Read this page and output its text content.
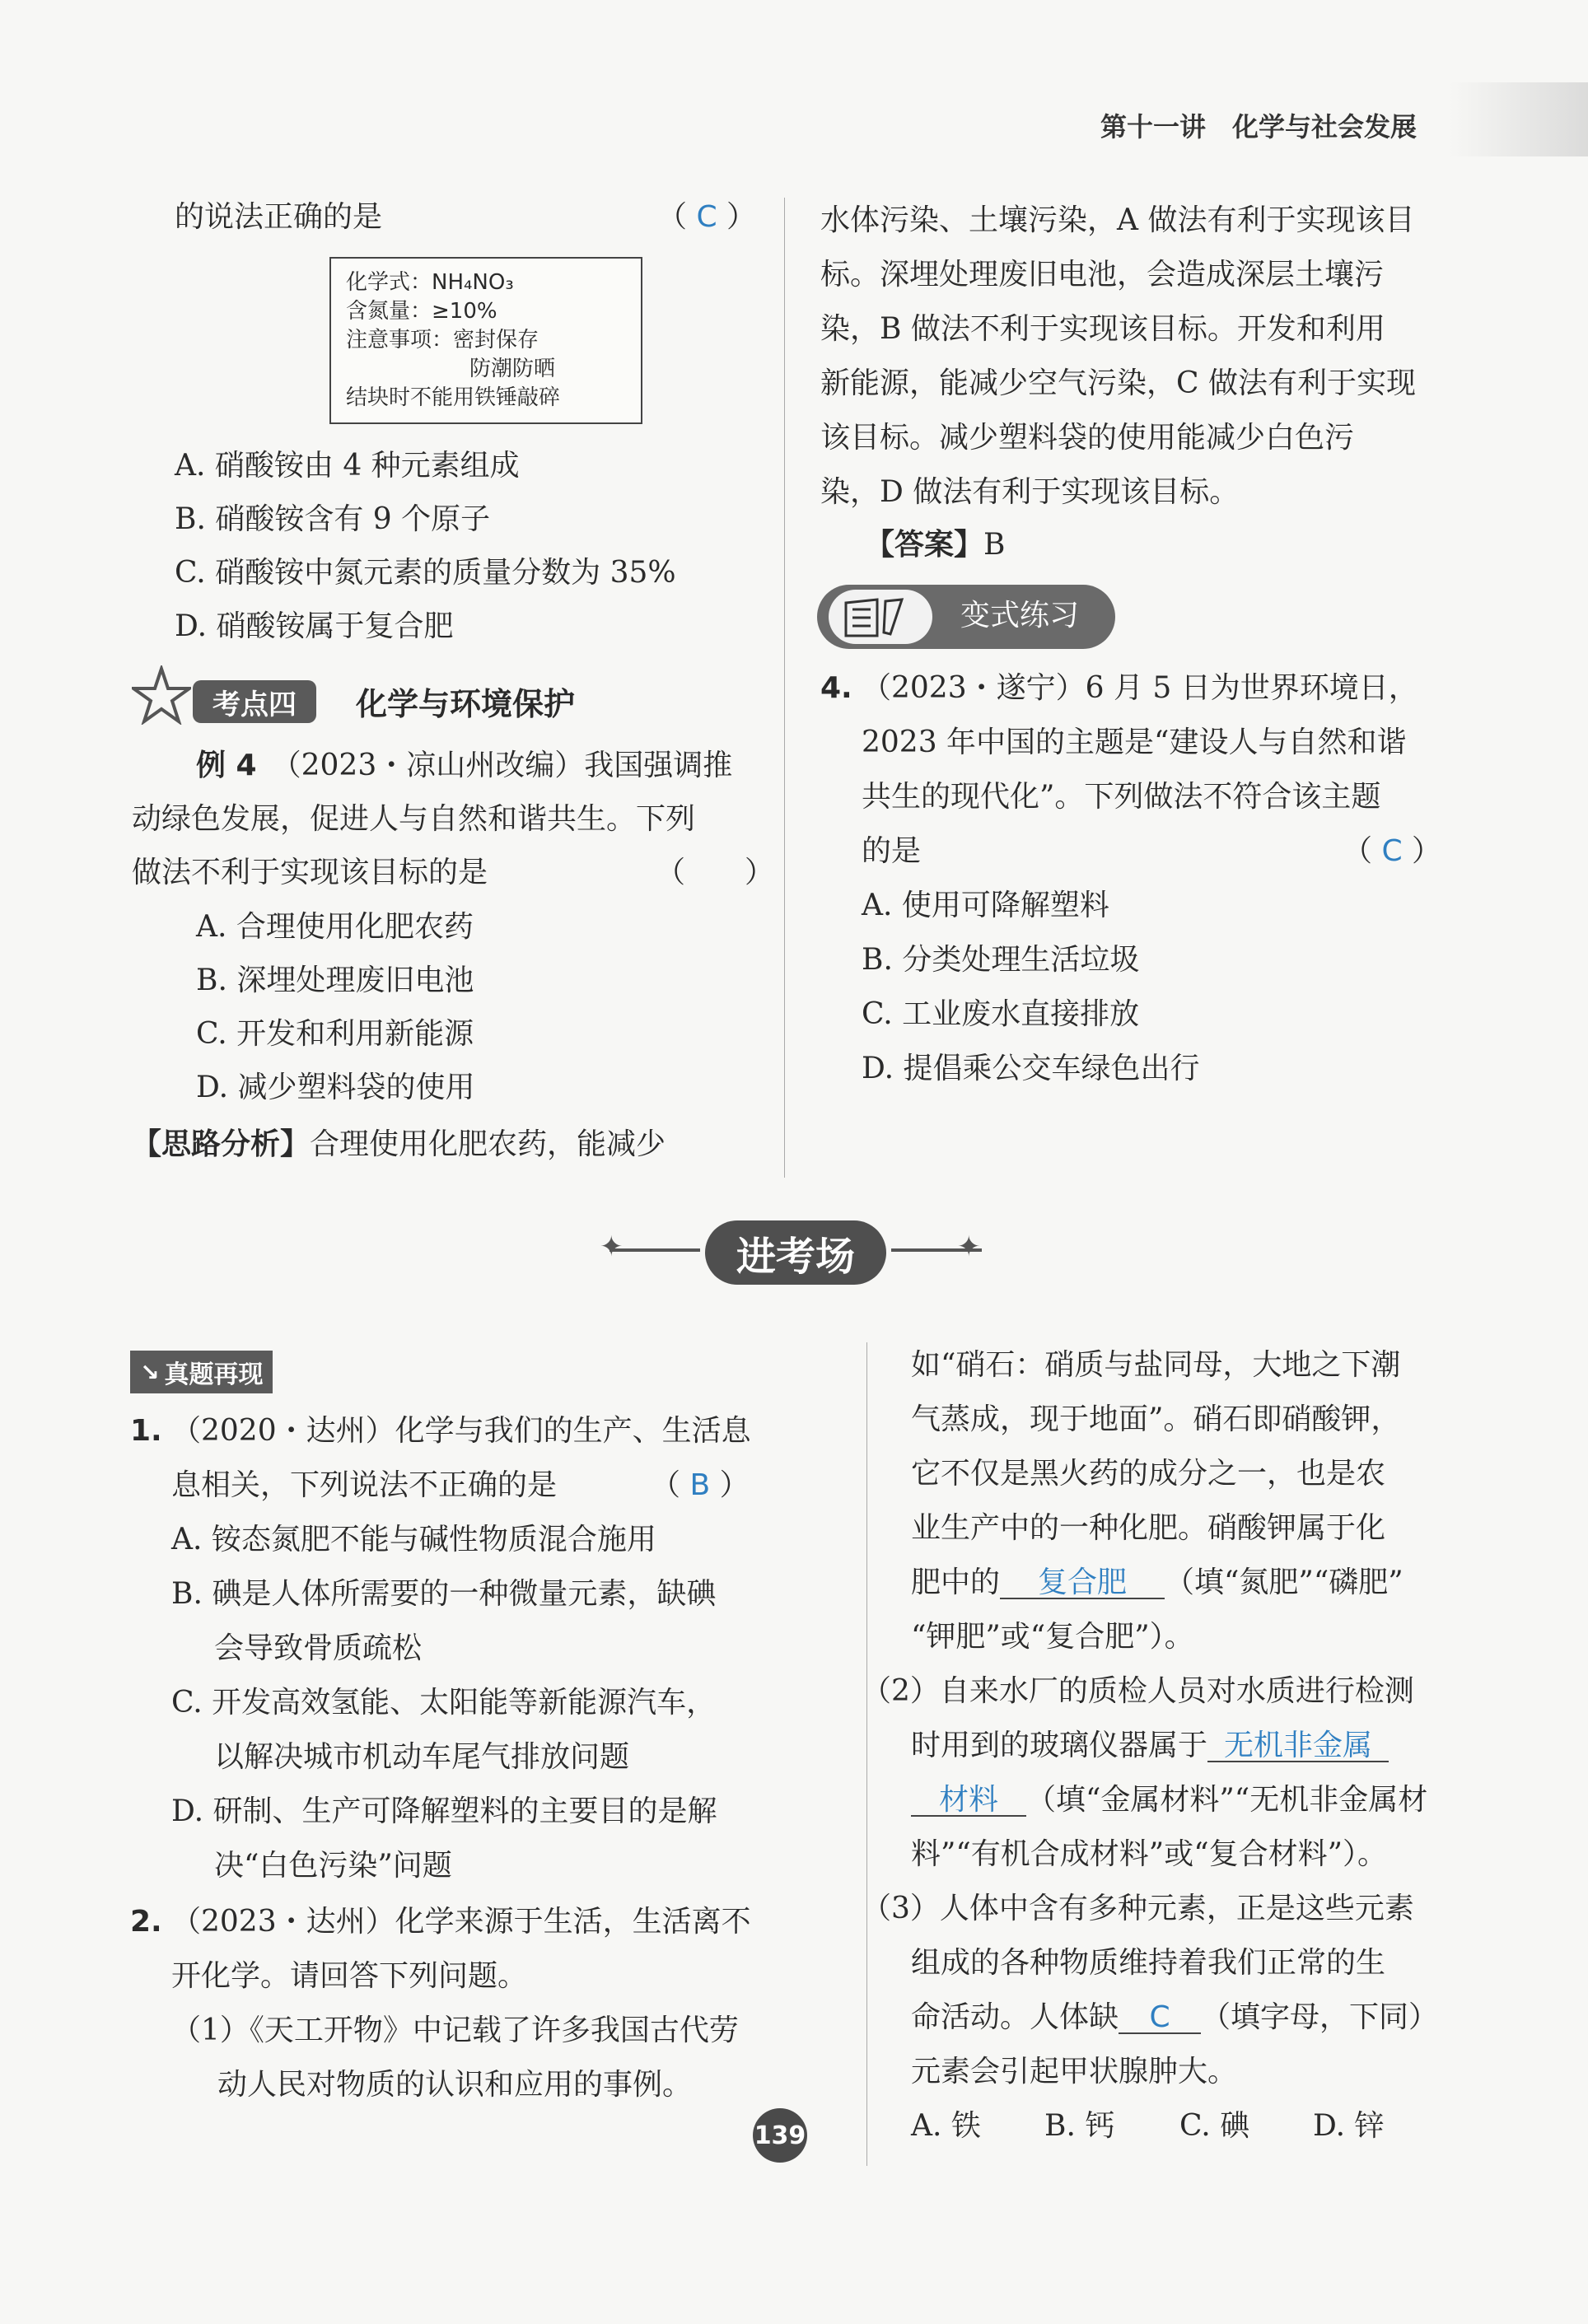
第十一讲　化学与社会发展
的说法正确的是	（ C ）
化学式：NH₄NO₃
含氮量：≥10%
注意事项：密封保存
防潮防晒
结块时不能用铁锤敲碎
A. 硝酸铵由 4 种元素组成
B. 硝酸铵含有 9 个原子
C. 硝酸铵中氮元素的质量分数为 35%
D. 硝酸铵属于复合肥
考点四	化学与环境保护
例 4　 （2023・凉山州改编）我国强调推
动绿色发展，促进人与自然和谐共生。下列
做法不利于实现该目标的是	（　　）
A. 合理使用化肥农药
B. 深埋处理废旧电池
C. 开发和利用新能源
D. 减少塑料袋的使用
【思路分析】合理使用化肥农药，能减少
水体污染、土壤污染，A 做法有利于实现该目
标。深埋处理废旧电池，会造成深层土壤污
染，B 做法不利于实现该目标。开发和利用
新能源，能减少空气污染，C 做法有利于实现
该目标。减少塑料袋的使用能减少白色污
染，D 做法有利于实现该目标。
【答案】B
变式练习
4. （2023・遂宁）6 月 5 日为世界环境日，
2023 年中国的主题是“建设人与自然和谐
共生的现代化”。下列做法不符合该主题
的是	（ C ）
A. 使用可降解塑料
B. 分类处理生活垃圾
C. 工业废水直接排放
D. 提倡乘公交车绿色出行
✦	✦
进考场
↘ 真题再现
1. （2020・达州）化学与我们的生产、生活息
息相关，下列说法不正确的是	（ B ）
A. 铵态氮肥不能与碱性物质混合施用
B. 碘是人体所需要的一种微量元素，缺碘
会导致骨质疏松
C. 开发高效氢能、太阳能等新能源汽车，
以解决城市机动车尾气排放问题
D. 研制、生产可降解塑料的主要目的是解
决“白色污染”问题
2. （2023・达州）化学来源于生活，生活离不
开化学。请回答下列问题。
（1）《天工开物》中记载了许多我国古代劳
动人民对物质的认识和应用的事例。
如“硝石：硝质与盐同母，大地之下潮
气蒸成，现于地面”。硝石即硝酸钾，
它不仅是黑火药的成分之一，也是农
业生产中的一种化肥。硝酸钾属于化
肥中的 复合肥 （填“氮肥”“磷肥”
“钾肥”或“复合肥”）。
（2）自来水厂的质检人员对水质进行检测
时用到的玻璃仪器属于 无机非金属
材料 （填“金属材料”“无机非金属材
料”“有机合成材料”或“复合材料”）。
（3）人体中含有多种元素，正是这些元素
组成的各种物质维持着我们正常的生
命活动。人体缺 C （填字母，下同）
元素会引起甲状腺肿大。
A. 铁 B. 钙 C. 碘 D. 锌
139
